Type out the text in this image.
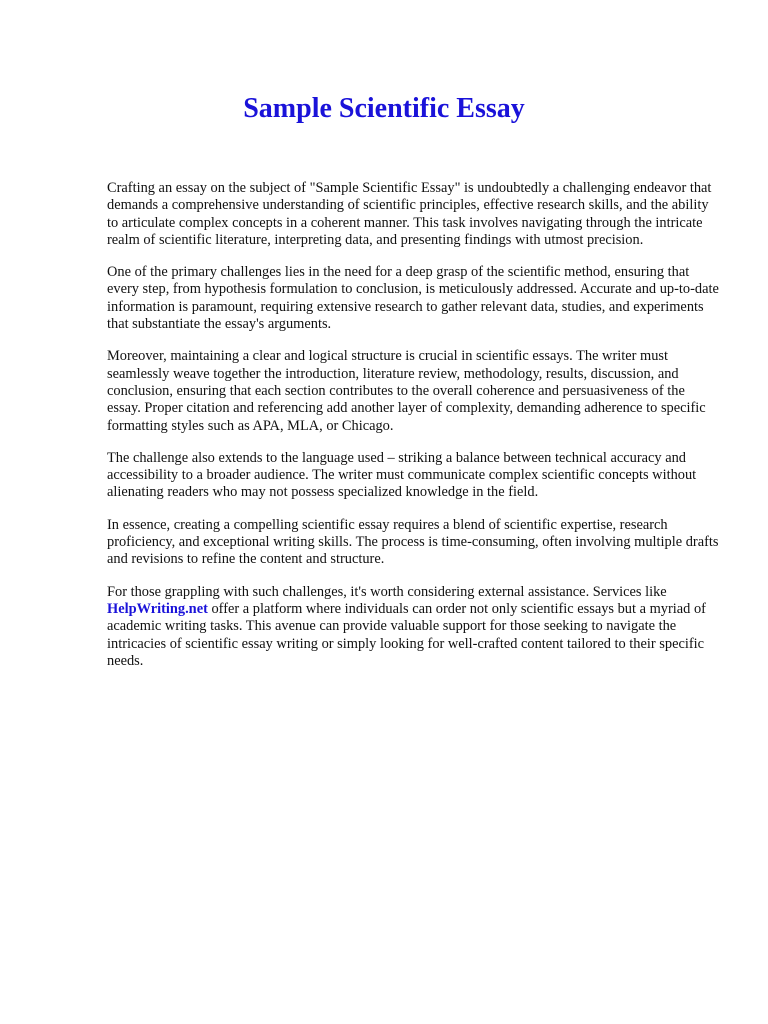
Sample Scientific Essay

Crafting an essay on the subject of "Sample Scientific Essay" is undoubtedly a challenging endeavor that demands a comprehensive understanding of scientific principles, effective research skills, and the ability to articulate complex concepts in a coherent manner. This task involves navigating through the intricate realm of scientific literature, interpreting data, and presenting findings with utmost precision.

One of the primary challenges lies in the need for a deep grasp of the scientific method, ensuring that every step, from hypothesis formulation to conclusion, is meticulously addressed. Accurate and up-to-date information is paramount, requiring extensive research to gather relevant data, studies, and experiments that substantiate the essay's arguments.

Moreover, maintaining a clear and logical structure is crucial in scientific essays. The writer must seamlessly weave together the introduction, literature review, methodology, results, discussion, and conclusion, ensuring that each section contributes to the overall coherence and persuasiveness of the essay. Proper citation and referencing add another layer of complexity, demanding adherence to specific formatting styles such as APA, MLA, or Chicago.

The challenge also extends to the language used – striking a balance between technical accuracy and accessibility to a broader audience. The writer must communicate complex scientific concepts without alienating readers who may not possess specialized knowledge in the field.

In essence, creating a compelling scientific essay requires a blend of scientific expertise, research proficiency, and exceptional writing skills. The process is time-consuming, often involving multiple drafts and revisions to refine the content and structure.

For those grappling with such challenges, it's worth considering external assistance. Services like HelpWriting.net offer a platform where individuals can order not only scientific essays but a myriad of academic writing tasks. This avenue can provide valuable support for those seeking to navigate the intricacies of scientific essay writing or simply looking for well-crafted content tailored to their specific needs.
